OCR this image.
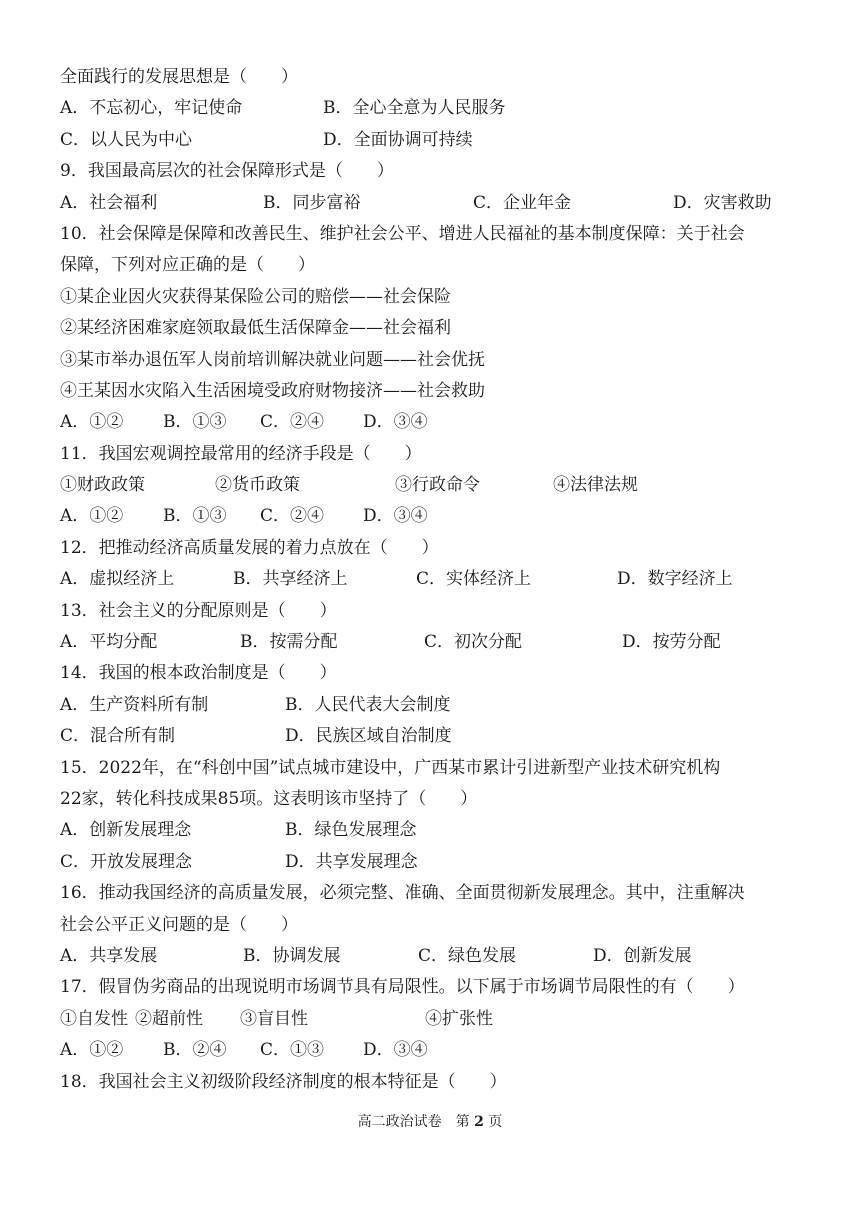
全面践行的发展思想是（　　）
A．不忘初心，牢记使命	B．全心全意为人民服务
C．以人民为中心	D．全面协调可持续
9．我国最高层次的社会保障形式是（　　）
A．社会福利	B．同步富裕	C．企业年金	D．灾害救助
10．社会保障是保障和改善民生、维护社会公平、增进人民福祉的基本制度保障：关于社会
保障，下列对应正确的是（　　）
①某企业因火灾获得某保险公司的赔偿——社会保险
②某经济困难家庭领取最低生活保障金——社会福利
③某市举办退伍军人岗前培训解决就业问题——社会优抚
④王某因水灾陷入生活困境受政府财物接济——社会救助
A．①② B．①③ C．②④ D．③④
11．我国宏观调控最常用的经济手段是（　　）
①财政政策	②货币政策	③行政命令	④法律法规
A．①② B．①③ C．②④ D．③④
12．把推动经济高质量发展的着力点放在（　　）
A．虚拟经济上	B．共享经济上	C．实体经济上	D．数字经济上
13．社会主义的分配原则是（　　）
A．平均分配	B．按需分配	C．初次分配	D．按劳分配
14．我国的根本政治制度是（　　）
A．生产资料所有制	B．人民代表大会制度
C．混合所有制	D．民族区域自治制度
15．2022年，在“科创中国”试点城市建设中，广西某市累计引进新型产业技术研究机构
22家，转化科技成果85项。这表明该市坚持了（　　）
A．创新发展理念	B．绿色发展理念
C．开放发展理念	D．共享发展理念
16．推动我国经济的高质量发展，必须完整、准确、全面贯彻新发展理念。其中，注重解决
社会公平正义问题的是（　　）
A．共享发展	B．协调发展	C．绿色发展	D．创新发展
17．假冒伪劣商品的出现说明市场调节具有局限性。以下属于市场调节局限性的有（　　）
①自发性 ②超前性 ③盲目性	④扩张性
A．①② B．②④ C．①③ D．③④
18．我国社会主义初级阶段经济制度的根本特征是（　　）
高二政治试卷　第 2 页
